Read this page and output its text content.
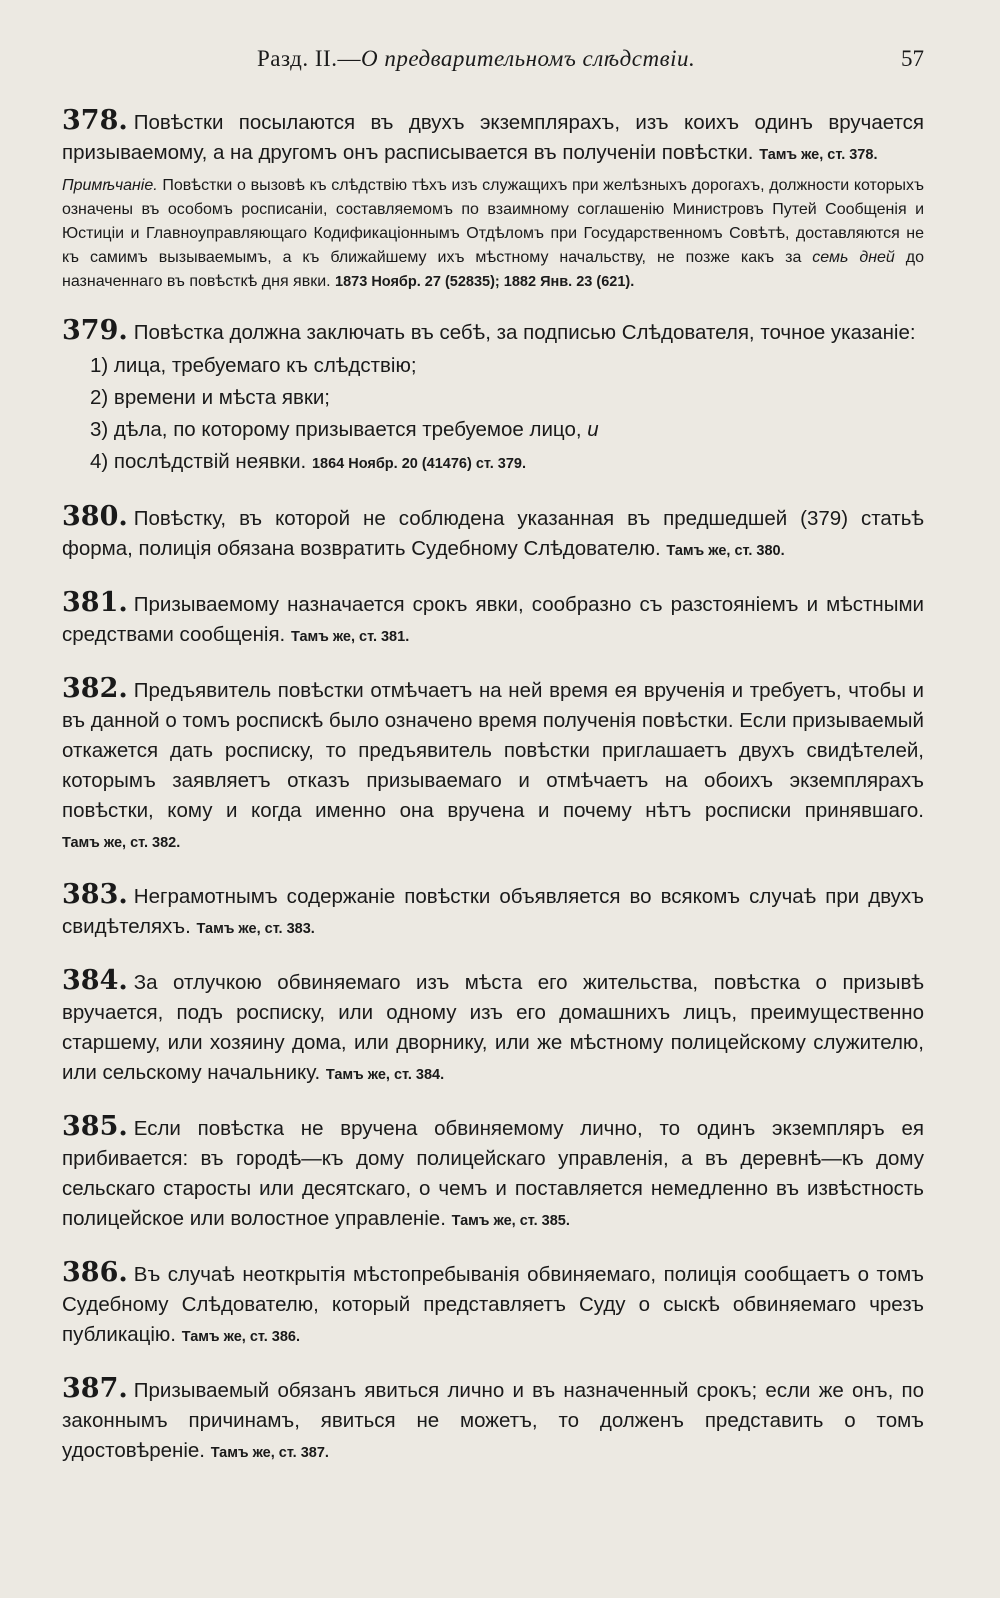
Разд. II.—О предварительномъ слѣдствіи.	57
378. Повѣстки посылаются въ двухъ экземплярахъ, изъ коихъ одинъ вручается призываемому, а на другомъ онъ расписывается въ полученіи повѣстки. Тамъ же, ст. 378.
Примѣчаніе. Повѣстки о вызовѣ къ слѣдствію тѣхъ изъ служащихъ при желѣзныхъ дорогахъ, должности которыхъ означены въ особомъ росписаніи, составляемомъ по взаимному соглашенію Министровъ Путей Сообщенія и Юстиціи и Главноуправляющаго Кодификаціоннымъ Отдѣломъ при Государственномъ Совѣтѣ, доставляются не къ самимъ вызываемымъ, а къ ближайшему ихъ мѣстному начальству, не позже какъ за семь дней до назначеннаго въ повѣсткѣ дня явки. 1873 Ноябр. 27 (52835); 1882 Янв. 23 (621).
379. Повѣстка должна заключать въ себѣ, за подписью Слѣдователя, точное указаніе:
1) лица, требуемаго къ слѣдствію;
2) времени и мѣста явки;
3) дѣла, по которому призывается требуемое лицо, и
4) послѣдствій неявки. 1864 Ноябр. 20 (41476) ст. 379.
380. Повѣстку, въ которой не соблюдена указанная въ предшедшей (379) статьѣ форма, полиція обязана возвратить Судебному Слѣдователю. Тамъ же, ст. 380.
381. Призываемому назначается срокъ явки, сообразно съ разстояніемъ и мѣстными средствами сообщенія. Тамъ же, ст. 381.
382. Предъявитель повѣстки отмѣчаетъ на ней время ея врученія и требуетъ, чтобы и въ данной о томъ роспискѣ было означено время полученія повѣстки. Если призываемый откажется дать росписку, то предъявитель повѣстки приглашаетъ двухъ свидѣтелей, которымъ заявляетъ отказъ призываемаго и отмѣчаетъ на обоихъ экземплярахъ повѣстки, кому и когда именно она вручена и почему нѣтъ росписки принявшаго. Тамъ же, ст. 382.
383. Неграмотнымъ содержаніе повѣстки объявляется во всякомъ случаѣ при двухъ свидѣтеляхъ. Тамъ же, ст. 383.
384. За отлучкою обвиняемаго изъ мѣста его жительства, повѣстка о призывѣ вручается, подъ росписку, или одному изъ его домашнихъ лицъ, преимущественно старшему, или хозяину дома, или дворнику, или же мѣстному полицейскому служителю, или сельскому начальнику. Тамъ же, ст. 384.
385. Если повѣстка не вручена обвиняемому лично, то одинъ экземпляръ ея прибивается: въ городѣ—къ дому полицейскаго управленія, а въ деревнѣ—къ дому сельскаго старосты или десятскаго, о чемъ и поставляется немедленно въ извѣстность полицейское или волостное управленіе. Тамъ же, ст. 385.
386. Въ случаѣ неоткрытія мѣстопребыванія обвиняемаго, полиція сообщаетъ о томъ Судебному Слѣдователю, который представляетъ Суду о сыскѣ обвиняемаго чрезъ публикацію. Тамъ же, ст. 386.
387. Призываемый обязанъ явиться лично и въ назначенный срокъ; если же онъ, по законнымъ причинамъ, явиться не можетъ, то долженъ представить о томъ удостовѣреніе. Тамъ же, ст. 387.
